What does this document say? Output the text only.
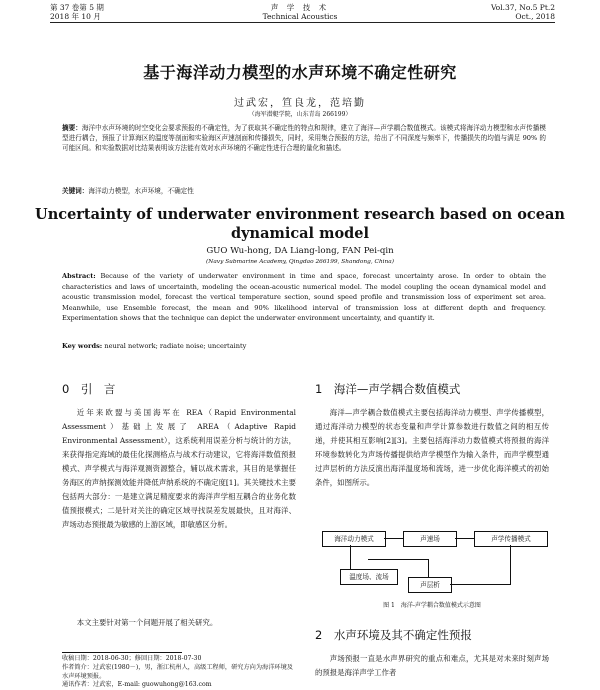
第 37 卷第 5 期
2018 年 10 月
声 学 技 术
Technical Acoustics
Vol.37, No.5 Pt.2
Oct., 2018
基于海洋动力模型的水声环境不确定性研究
过武宏，笪良龙，范培勤
（海军潜艇学院，山东青岛 266199）
摘要：海洋中水声环境的时空变化会要求预报的不确定性，为了获取其不确定性的特点和规律，建立了海洋—声学耦合数值模式。该模式将海洋动力模型和水声传播模型进行耦合，预报了计算海区的温度等剖面和实验海区声速剖面和传播损失，同时，采用集合预报的方法，给出了不同深度与频率下，传播损失的均值与满足 90% 的可能区间。和实验数据对比结果表明该方法能有效对水声环境的不确定性进行合理的量化和描述。
关键词：海洋动力模型，水声环境，不确定性
Uncertainty of underwater environment research based on ocean dynamical model
GUO Wu-hong, DA Liang-long, FAN Pei-qin
(Navy Submarine Academy, Qingdao 266199, Shandong, China)
Abstract: Because of the variety of underwater environment in time and space, forecast uncertainty arose. In order to obtain the characteristics and laws of uncertainth, modeling the ocean-acoustic numerical model. The model coupling the ocean dynamical model and acoustic transmission model, forecast the vertical temperature section, sound speed profile and transmission loss of experiment set area. Meanwhile, use Ensemble forecast, the mean and 90% likelihood interval of transmission loss at different depth and frequency. Experimentation shows that the technique can depict the underwater environment uncertainty, and quantify it.
Key words: neural network; radiate noise; uncertainty
0　引　言
近年来欧盟与美国海军在 REA（Rapid Environmental Assessment）基础上发展了 AREA（Adaptive Rapid Environmental Assessment），这系统利用误差分析与统计的方法，来获得指定海域的最佳化探测格点与战术行动建议，它将海洋数值预报模式、声学模式与海洋观测资源整合，辅以战术需求，其目的是掌握任务海区的声纳探测效能并降低声纳系统的不确定度[1]。其关键技术主要包括两大部分：一是建立满足精度要求的海洋声学相互耦合的业务化数值预报模式；二是针对关注的确定区域寻找误差发展最快，且对海洋、声场动态预报最为敏感的上游区域，即敏感区分析。
本文主要针对第一个问题开展了相关研究。
1　海洋—声学耦合数值模式
海洋—声学耦合数值模式主要包括海洋动力模型、声学传播模型，通过海洋动力模型的状态变量和声学计算参数进行数值之间的相互传递，并使其相互影响[2][3]。主要包括海洋动力数值模式将预报的海洋环境参数转化为声场传播提供给声学模型作为输入条件，而声学模型通过声层析的方法反演出海洋温度场和流场，进一步优化海洋模式的初始条件，如图所示。
海洋动力模式	声速场	声学传播模式
温度场、流场
声层析
图 1　海洋-声学耦合数值模式示意图
2　水声环境及其不确定性预报
声场预报一直是水声界研究的重点和难点，尤其是对未来时刻声场的预报是海洋声学工作者
收稿日期：2018-06-30；修回日期：2018-07-30
作者简介：过武宏(1980－)，男，浙江杭州人，高级工程师，研究方向为海洋环境及水声环境预报。
通讯作者：过武宏，E-mail: guowuhong@163.com
